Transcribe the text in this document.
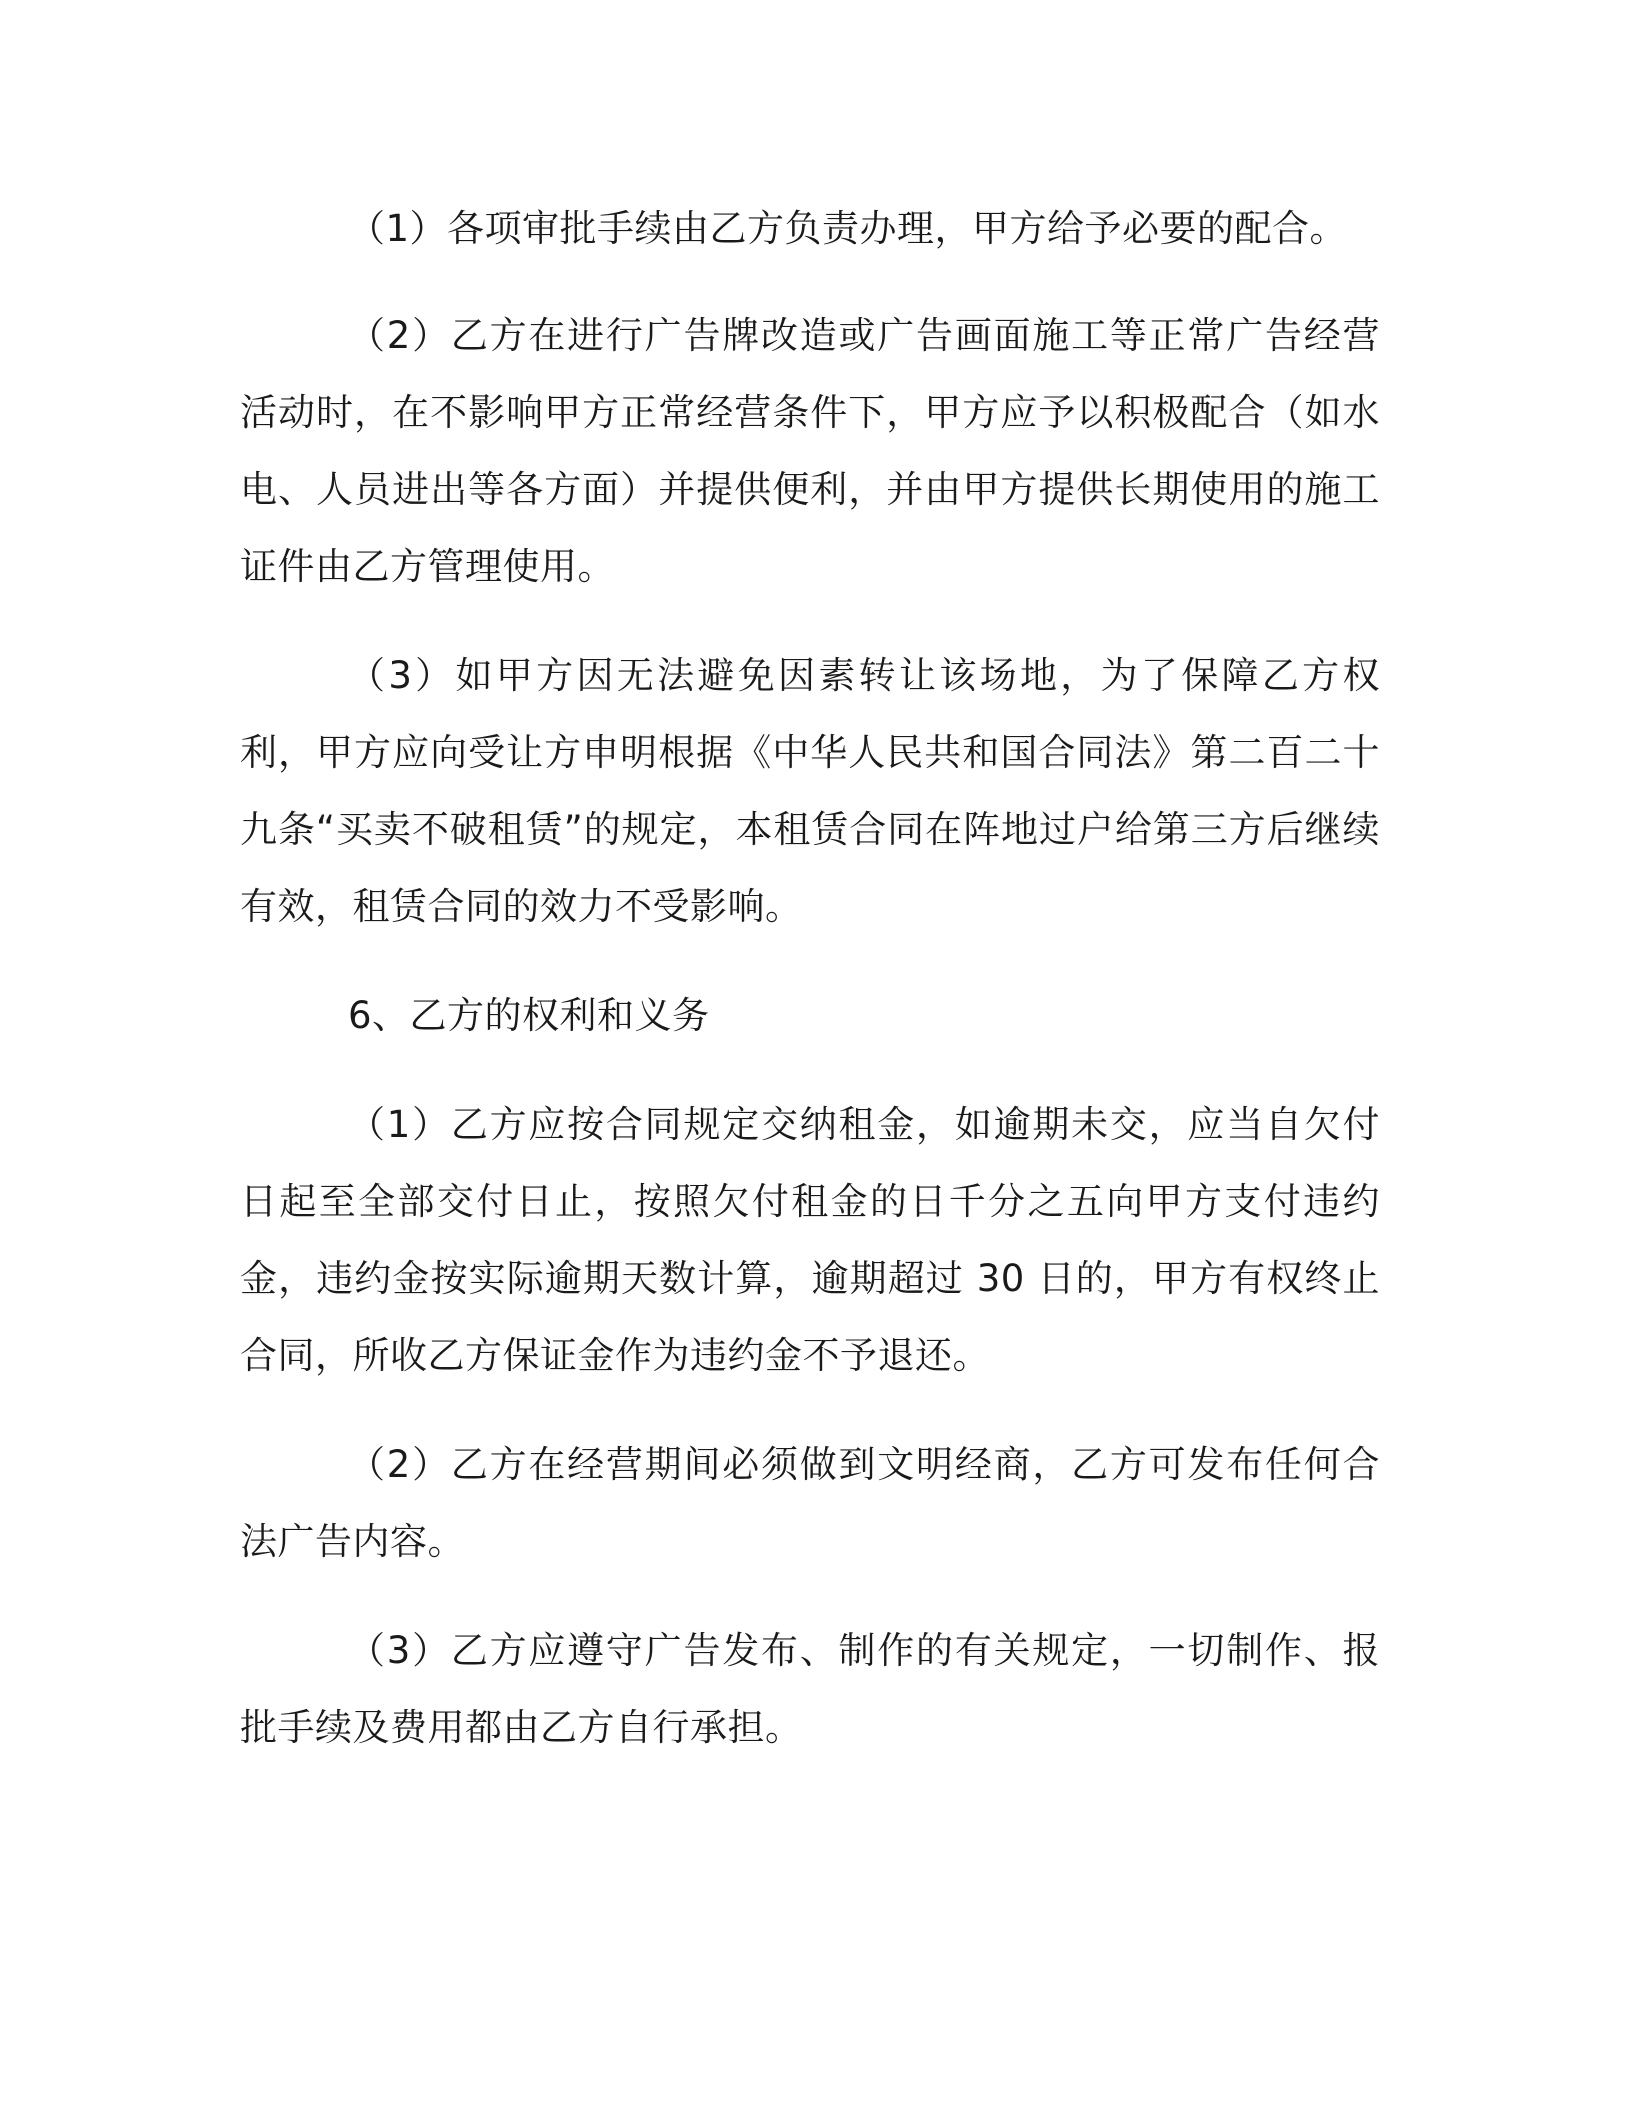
（1）各项审批手续由乙方负责办理，甲方给予必要的配合。

（2）乙方在进行广告牌改造或广告画面施工等正常广告经营活动时，在不影响甲方正常经营条件下，甲方应予以积极配合（如水电、人员进出等各方面）并提供便利，并由甲方提供长期使用的施工证件由乙方管理使用。

（3）如甲方因无法避免因素转让该场地，为了保障乙方权利，甲方应向受让方申明根据《中华人民共和国合同法》第二百二十九条“买卖不破租赁”的规定，本租赁合同在阵地过户给第三方后继续有效，租赁合同的效力不受影响。

6、乙方的权利和义务

（1）乙方应按合同规定交纳租金，如逾期未交，应当自欠付日起至全部交付日止，按照欠付租金的日千分之五向甲方支付违约金，违约金按实际逾期天数计算，逾期超过 30 日的，甲方有权终止合同，所收乙方保证金作为违约金不予退还。

（2）乙方在经营期间必须做到文明经商，乙方可发布任何合法广告内容。

（3）乙方应遵守广告发布、制作的有关规定，一切制作、报批手续及费用都由乙方自行承担。
